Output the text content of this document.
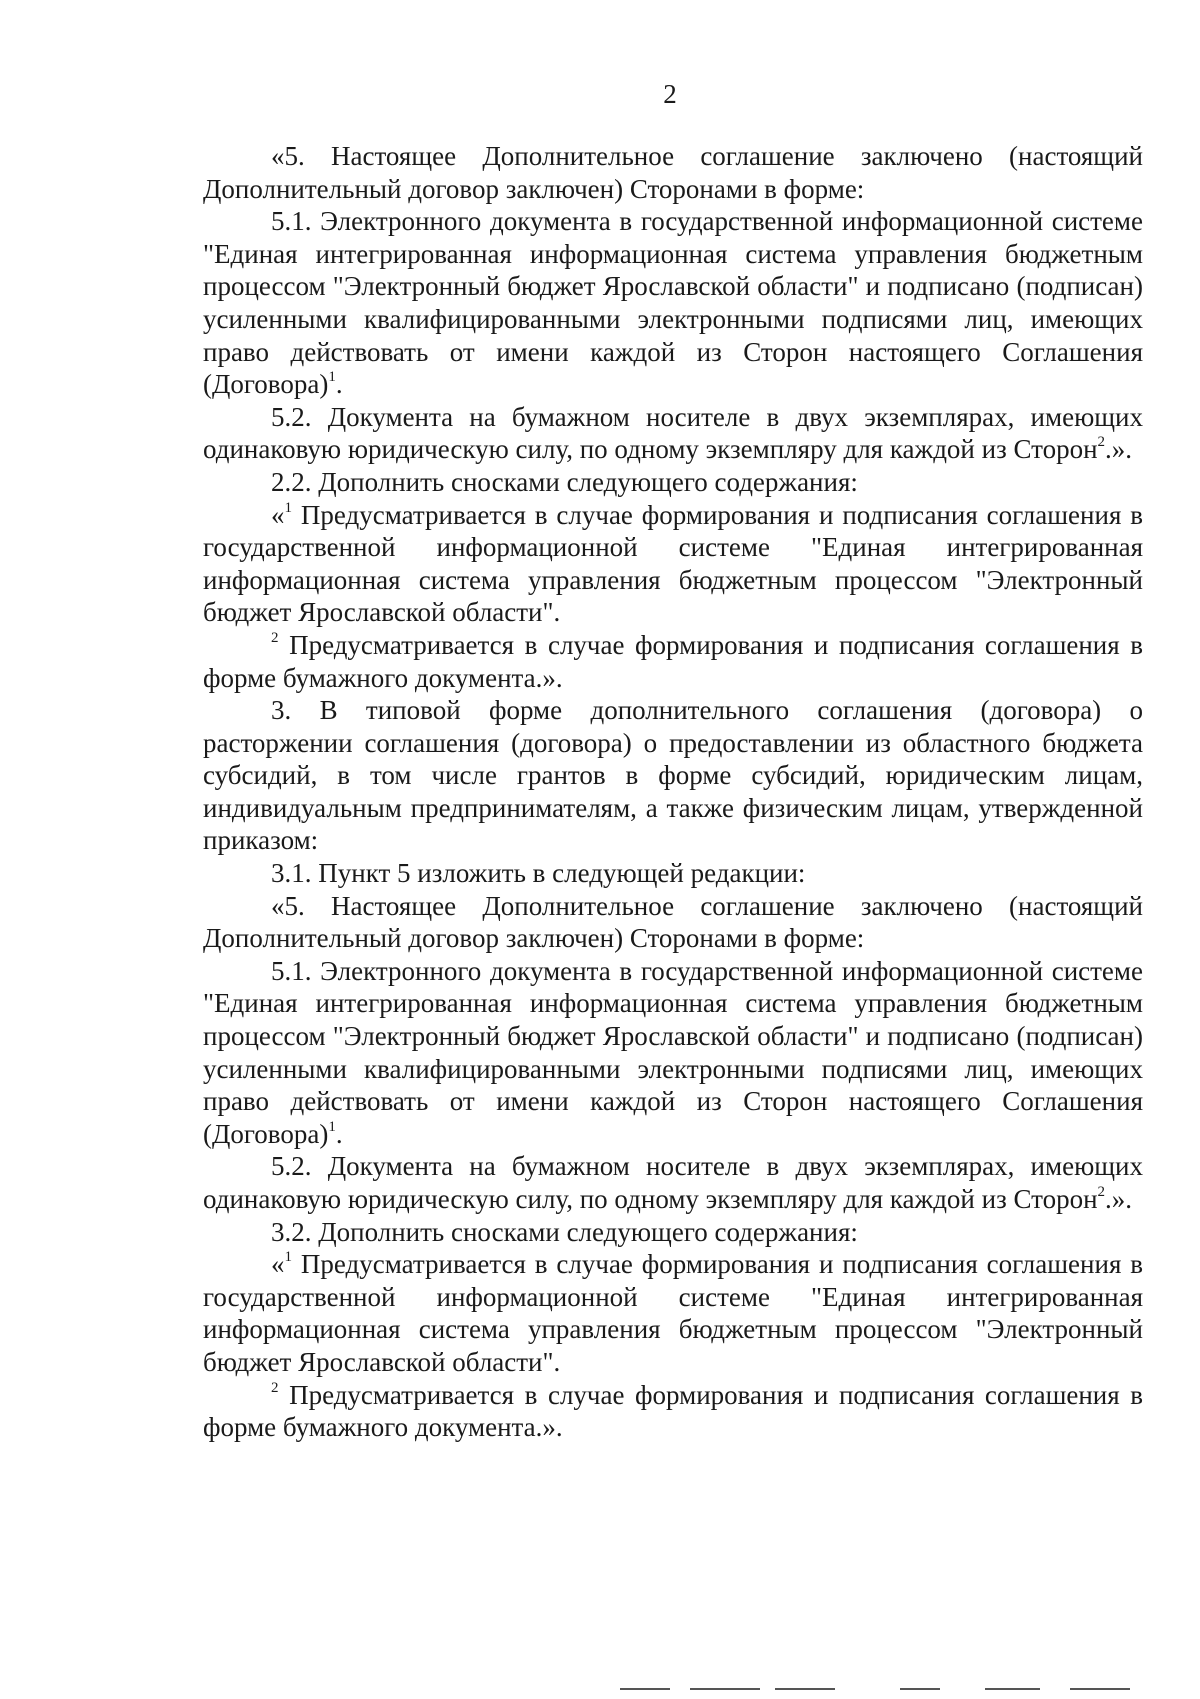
2

«5. Настоящее Дополнительное соглашение заключено (настоящий Дополнительный договор заключен) Сторонами в форме:

5.1. Электронного документа в государственной информационной системе "Единая интегрированная информационная система управления бюджетным процессом "Электронный бюджет Ярославской области" и подписано (подписан) усиленными квалифицированными электронными подписями лиц, имеющих право действовать от имени каждой из Сторон настоящего Соглашения (Договора)$^1$.

5.2. Документа на бумажном носителе в двух экземплярах, имеющих одинаковую юридическую силу, по одному экземпляру для каждой из Сторон$^2$.».

2.2. Дополнить сносками следующего содержания:

«$^1$ Предусматривается в случае формирования и подписания соглашения в государственной информационной системе "Единая интегрированная информационная система управления бюджетным процессом "Электронный бюджет Ярославской области".

$^2$ Предусматривается в случае формирования и подписания соглашения в форме бумажного документа.».

3. В типовой форме дополнительного соглашения (договора) о расторжении соглашения (договора) о предоставлении из областного бюджета субсидий, в том числе грантов в форме субсидий, юридическим лицам, индивидуальным предпринимателям, а также физическим лицам, утвержденной приказом:

3.1. Пункт 5 изложить в следующей редакции:

«5. Настоящее Дополнительное соглашение заключено (настоящий Дополнительный договор заключен) Сторонами в форме:

5.1. Электронного документа в государственной информационной системе "Единая интегрированная информационная система управления бюджетным процессом "Электронный бюджет Ярославской области" и подписано (подписан) усиленными квалифицированными электронными подписями лиц, имеющих право действовать от имени каждой из Сторон настоящего Соглашения (Договора)$^1$.

5.2. Документа на бумажном носителе в двух экземплярах, имеющих одинаковую юридическую силу, по одному экземпляру для каждой из Сторон$^2$.».

3.2. Дополнить сносками следующего содержания:

«$^1$ Предусматривается в случае формирования и подписания соглашения в государственной информационной системе "Единая интегрированная информационная система управления бюджетным процессом "Электронный бюджет Ярославской области".

$^2$ Предусматривается в случае формирования и подписания соглашения в форме бумажного документа.».
